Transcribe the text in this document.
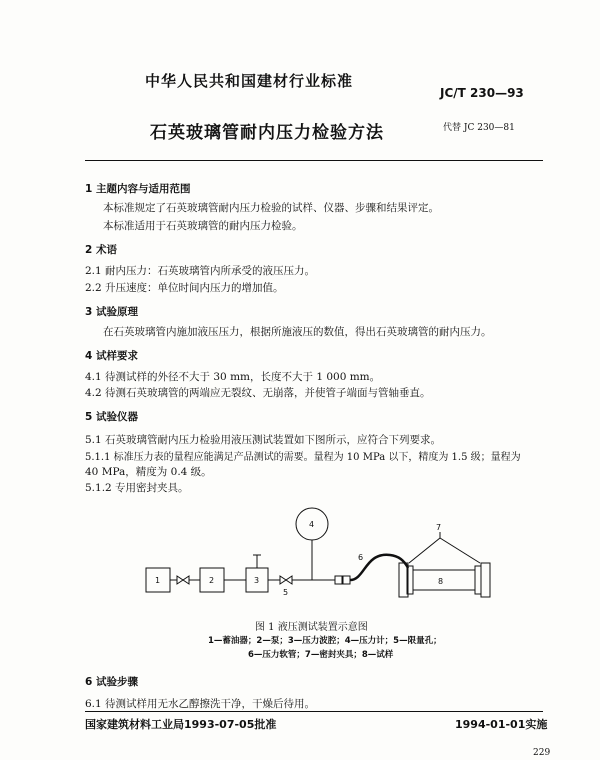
中华人民共和国建材行业标准
JC/T 230—93
石英玻璃管耐内压力检验方法	代替 JC 230—81
1 主题内容与适用范围
本标准规定了石英玻璃管耐内压力检验的试样、仪器、步骤和结果评定。
本标准适用于石英玻璃管的耐内压力检验。
2 术语
2.1 耐内压力：石英玻璃管内所承受的液压压力。
2.2 升压速度：单位时间内压力的增加值。
3 试验原理
在石英玻璃管内施加液压压力，根据所施液压的数值，得出石英玻璃管的耐内压力。
4 试样要求
4.1 待测试样的外径不大于 30 mm，长度不大于 1 000 mm。
4.2 待测石英玻璃管的两端应无裂纹、无崩落，并使管子端面与管轴垂直。
5 试验仪器
5.1 石英玻璃管耐内压力检验用液压测试装置如下图所示，应符合下列要求。
5.1.1 标准压力表的量程应能满足产品测试的需要。量程为 10 MPa 以下，精度为 1.5 级；量程为
40 MPa，精度为 0.4 级。
5.1.2 专用密封夹具。
1	2	3
4
5
6
7
8
图 1 液压测试装置示意图
1—蓄油器；2—泵；3—压力波腔；4—压力计；5—限量孔；
6—压力软管；7—密封夹具；8—试样
6 试验步骤
6.1 待测试样用无水乙醇擦洗干净，干燥后待用。
国家建筑材料工业局1993-07-05批准	1994-01-01实施
229
